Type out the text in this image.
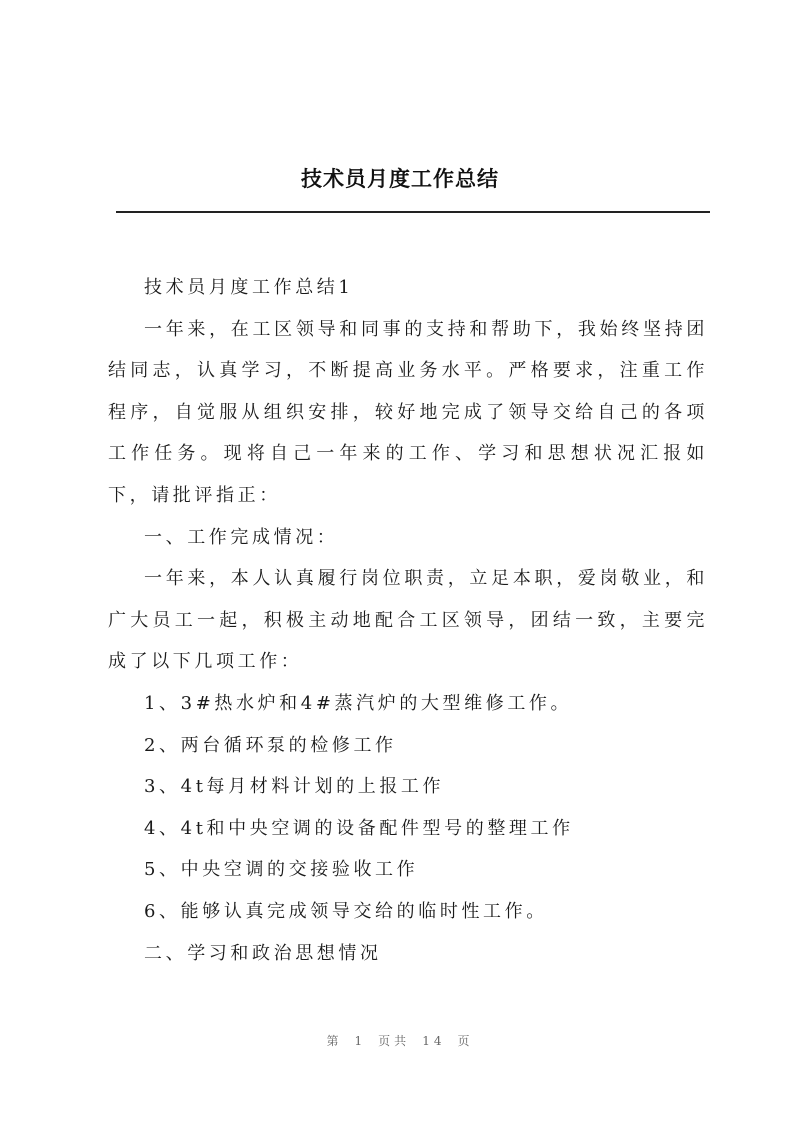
技术员月度工作总结

技术员月度工作总结1

一年来，在工区领导和同事的支持和帮助下，我始终坚持团结同志，认真学习，不断提高业务水平。严格要求，注重工作程序，自觉服从组织安排，较好地完成了领导交给自己的各项工作任务。现将自己一年来的工作、学习和思想状况汇报如下，请批评指正：

一、工作完成情况：

一年来，本人认真履行岗位职责，立足本职，爱岗敬业，和广大员工一起，积极主动地配合工区领导，团结一致，主要完成了以下几项工作：

1、3#热水炉和4#蒸汽炉的大型维修工作。

2、两台循环泵的检修工作

3、4t每月材料计划的上报工作

4、4t和中央空调的设备配件型号的整理工作

5、中央空调的交接验收工作

6、能够认真完成领导交给的临时性工作。

二、学习和政治思想情况

第 1 页共 14 页
